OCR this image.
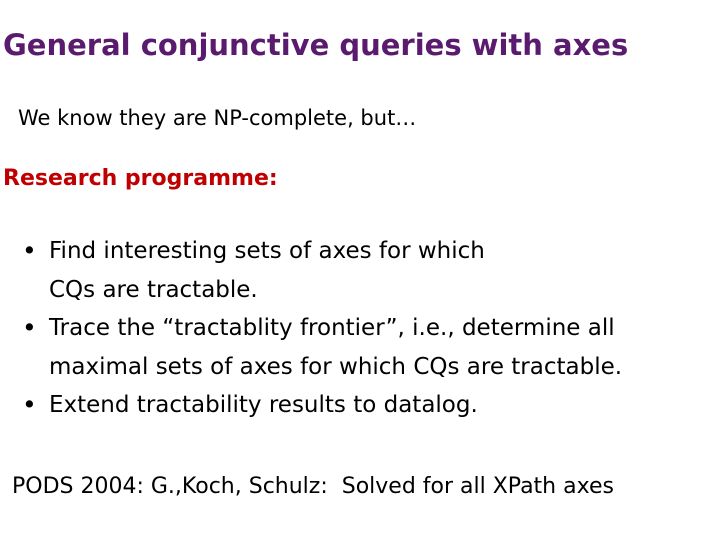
General conjunctive queries with axes
We know they are NP-complete, but…
Research programme:
• Find interesting sets of axes for which
CQs are tractable.
• Trace the “tractablity frontier”, i.e., determine all
maximal sets of axes for which CQs are tractable.
• Extend tractability results to datalog.
PODS 2004: G.,Koch, Schulz:  Solved for all XPath axes
